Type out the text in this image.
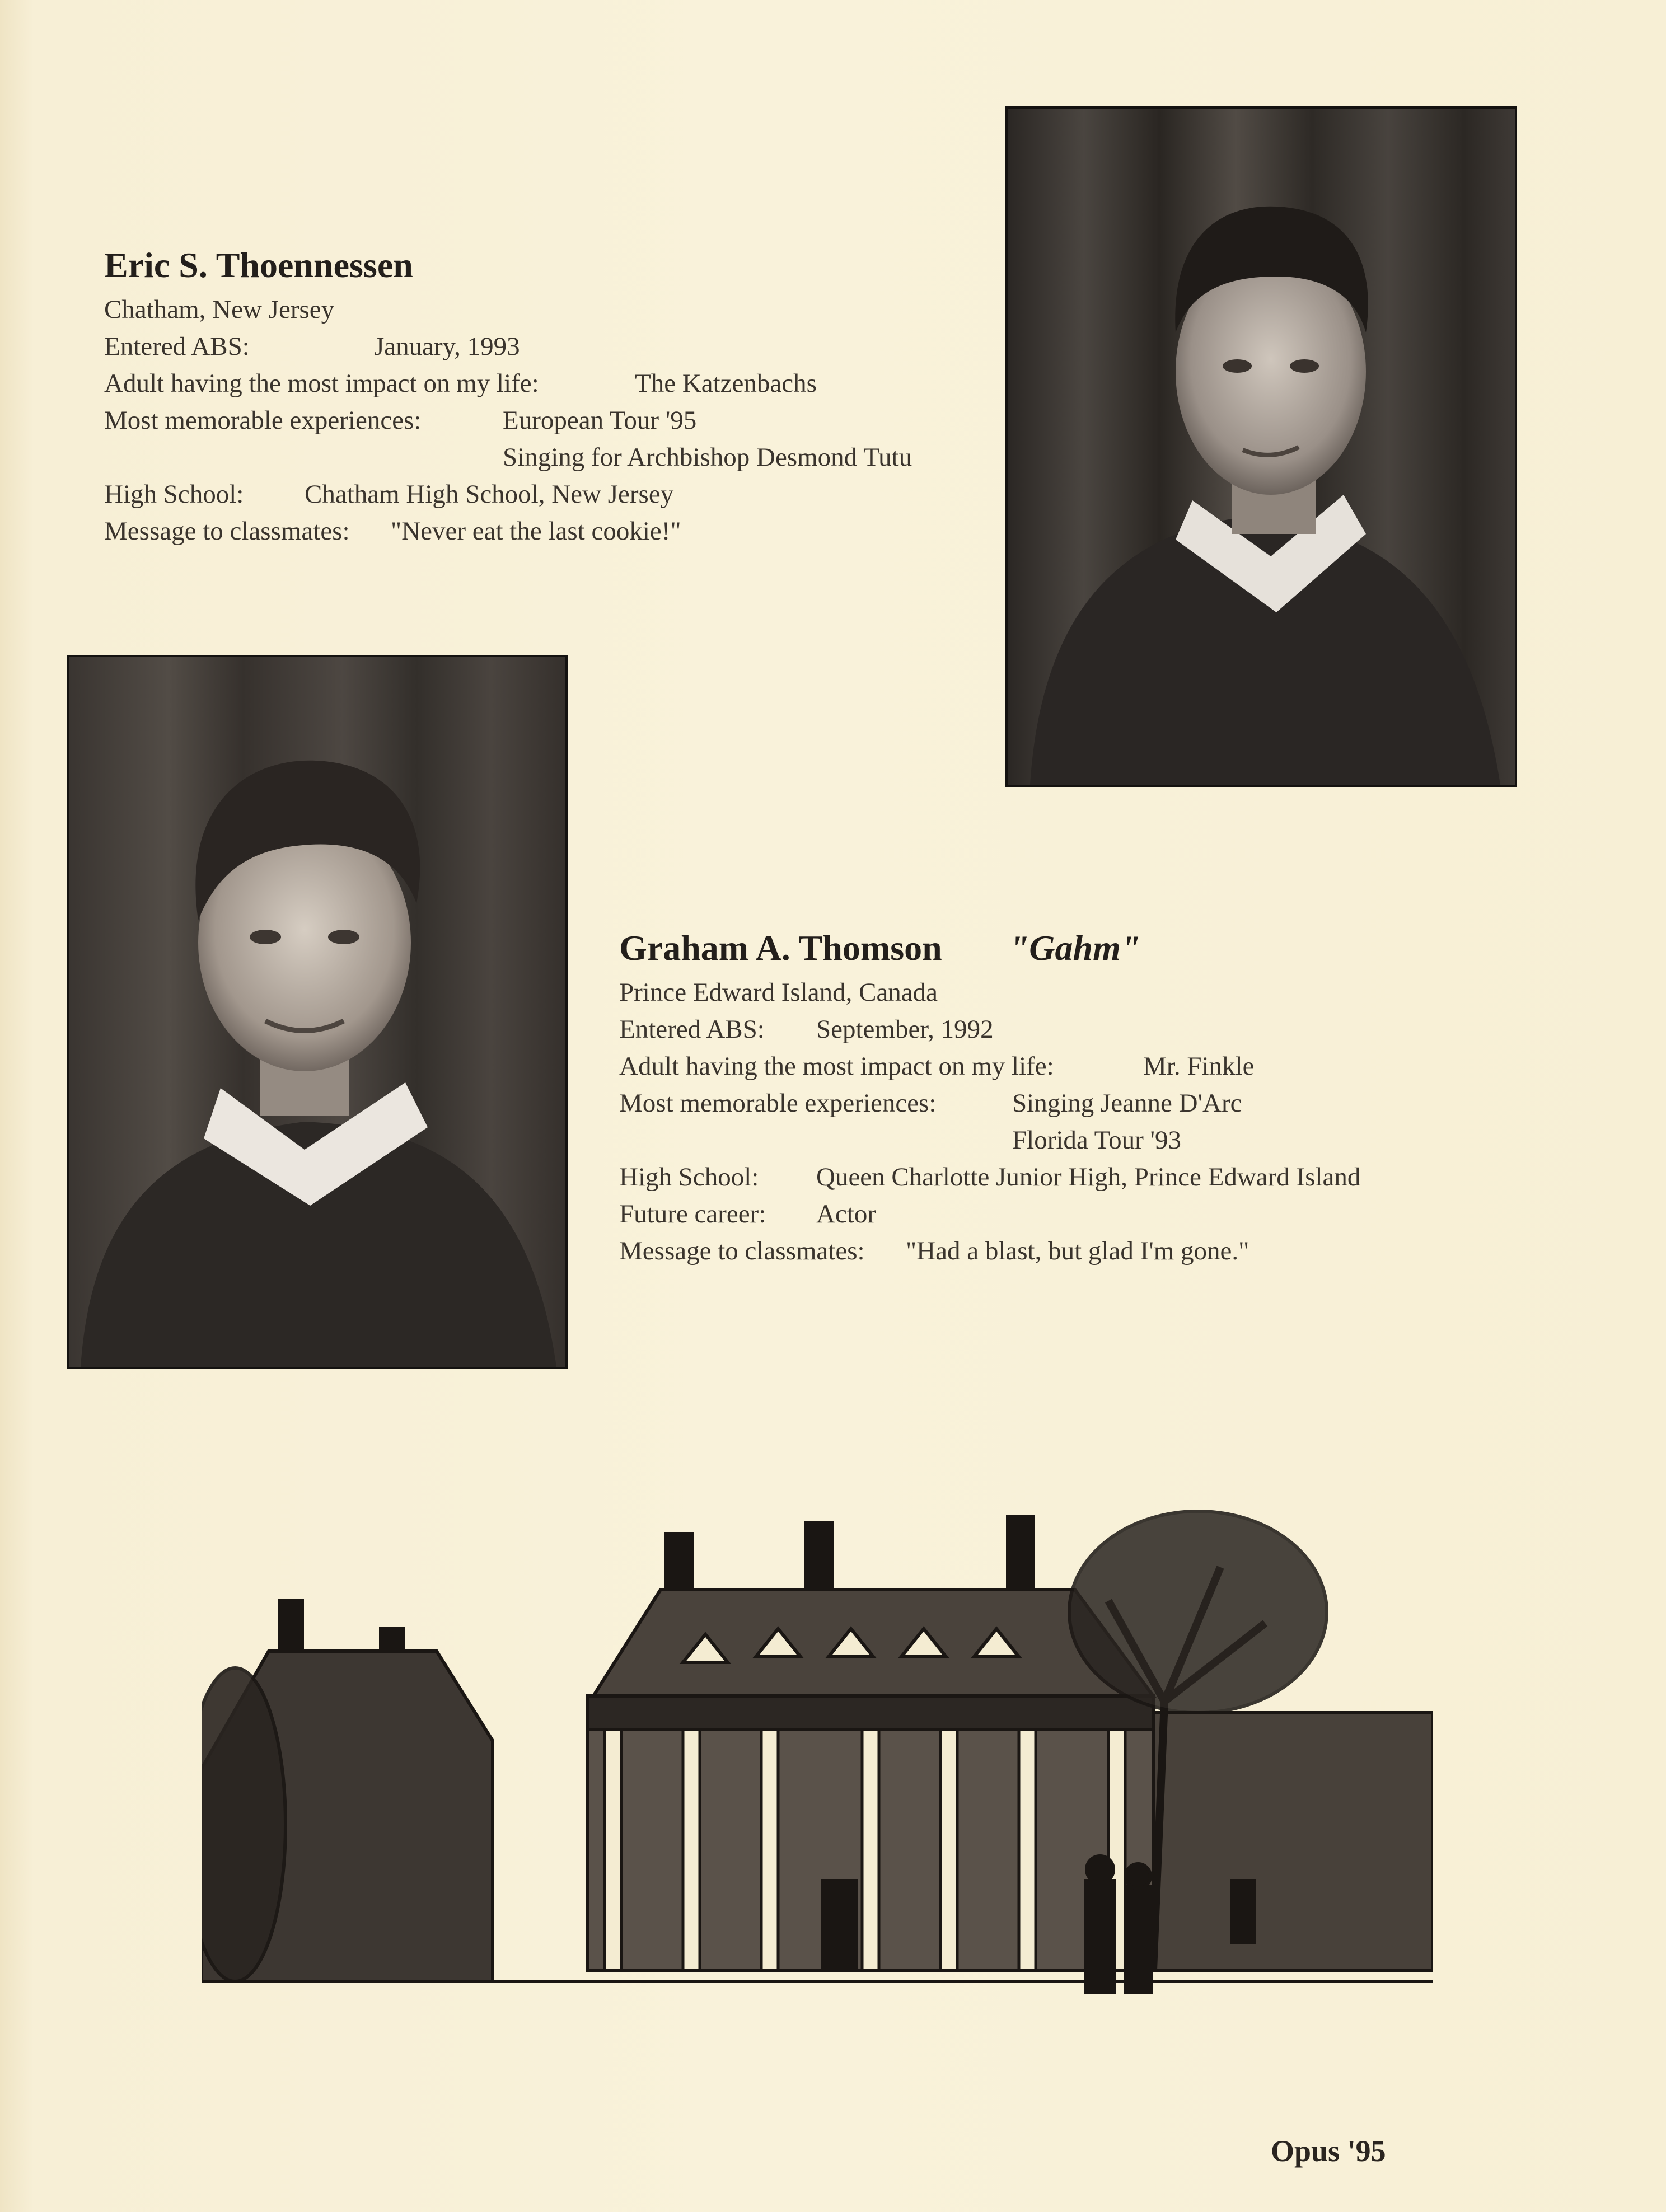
Eric S. Thoennessen
Chatham, New Jersey
Entered ABS:	January, 1993
Adult having the most impact on my life:	The Katzenbachs
Most memorable experiences:	European Tour '95
Singing for Archbishop Desmond Tutu
High School: Chatham High School, New Jersey
Message to classmates: "Never eat the last cookie!"
Graham A. Thomson "Gahm"
Prince Edward Island, Canada
Entered ABS: September, 1992
Adult having the most impact on my life:	Mr. Finkle
Most memorable experiences:	Singing Jeanne D'Arc
Florida Tour '93
High School: Queen Charlotte Junior High, Prince Edward Island
Future career: Actor
Message to classmates: "Had a blast, but glad I'm gone."
Opus '95
